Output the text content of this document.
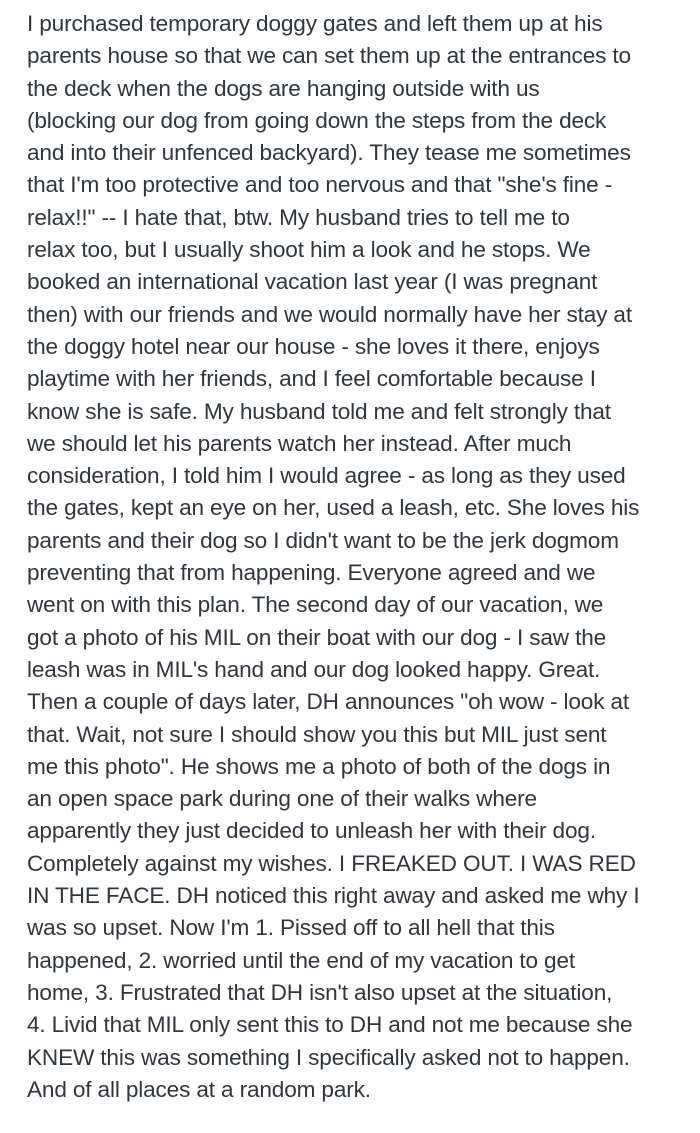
I purchased temporary doggy gates and left them up at his
parents house so that we can set them up at the entrances to
the deck when the dogs are hanging outside with us
(blocking our dog from going down the steps from the deck
and into their unfenced backyard). They tease me sometimes
that I'm too protective and too nervous and that "she's fine -
relax!!" -- I hate that, btw. My husband tries to tell me to
relax too, but I usually shoot him a look and he stops. We
booked an international vacation last year (I was pregnant
then) with our friends and we would normally have her stay at
the doggy hotel near our house - she loves it there, enjoys
playtime with her friends, and I feel comfortable because I
know she is safe. My husband told me and felt strongly that
we should let his parents watch her instead. After much
consideration, I told him I would agree - as long as they used
the gates, kept an eye on her, used a leash, etc. She loves his
parents and their dog so I didn't want to be the jerk dogmom
preventing that from happening. Everyone agreed and we
went on with this plan. The second day of our vacation, we
got a photo of his MIL on their boat with our dog - I saw the
leash was in MIL's hand and our dog looked happy. Great.
Then a couple of days later, DH announces "oh wow - look at
that. Wait, not sure I should show you this but MIL just sent
me this photo". He shows me a photo of both of the dogs in
an open space park during one of their walks where
apparently they just decided to unleash her with their dog.
Completely against my wishes. I FREAKED OUT. I WAS RED
IN THE FACE. DH noticed this right away and asked me why I
was so upset. Now I'm 1. Pissed off to all hell that this
happened, 2. worried until the end of my vacation to get
home, 3. Frustrated that DH isn't also upset at the situation,
4. Livid that MIL only sent this to DH and not me because she
KNEW this was something I specifically asked not to happen.
And of all places at a random park.
